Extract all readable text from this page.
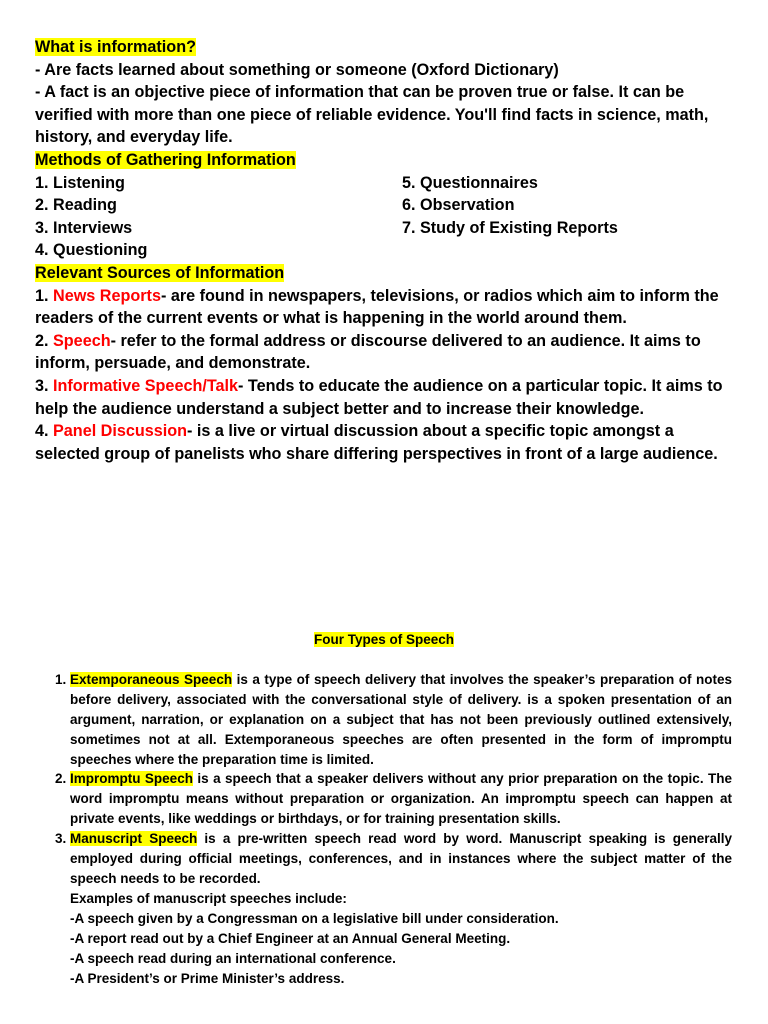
What is information?

- Are facts learned about something or someone (Oxford Dictionary)

- A fact is an objective piece of information that can be proven true or false. It can be verified with more than one piece of reliable evidence. You'll find facts in science, math, history, and everyday life.

Methods of Gathering Information

1. Listening
2. Reading
3. Interviews
4. Questioning
5. Questionnaires
6. Observation
7. Study of Existing Reports

Relevant Sources of Information

1. News Reports- are found in newspapers, televisions, or radios which aim to inform the readers of the current events or what is happening in the world around them.

2. Speech- refer to the formal address or discourse delivered to an audience. It aims to inform, persuade, and demonstrate.

3. Informative Speech/Talk- Tends to educate the audience on a particular topic. It aims to help the audience understand a subject better and to increase their knowledge.

4. Panel Discussion- is a live or virtual discussion about a specific topic amongst a selected group of panelists who share differing perspectives in front of a large audience.

Four Types of Speech

1. Extemporaneous Speech is a type of speech delivery that involves the speaker’s preparation of notes before delivery, associated with the conversational style of delivery. is a spoken presentation of an argument, narration, or explanation on a subject that has not been previously outlined extensively, sometimes not at all. Extemporaneous speeches are often presented in the form of impromptu speeches where the preparation time is limited.
2. Impromptu Speech is a speech that a speaker delivers without any prior preparation on the topic. The word impromptu means without preparation or organization. An impromptu speech can happen at private events, like weddings or birthdays, or for training presentation skills.
3. Manuscript Speech is a pre-written speech read word by word. Manuscript speaking is generally employed during official meetings, conferences, and in instances where the subject matter of the speech needs to be recorded.
Examples of manuscript speeches include:
-A speech given by a Congressman on a legislative bill under consideration.
-A report read out by a Chief Engineer at an Annual General Meeting.
-A speech read during an international conference.
-A President’s or Prime Minister’s address.
